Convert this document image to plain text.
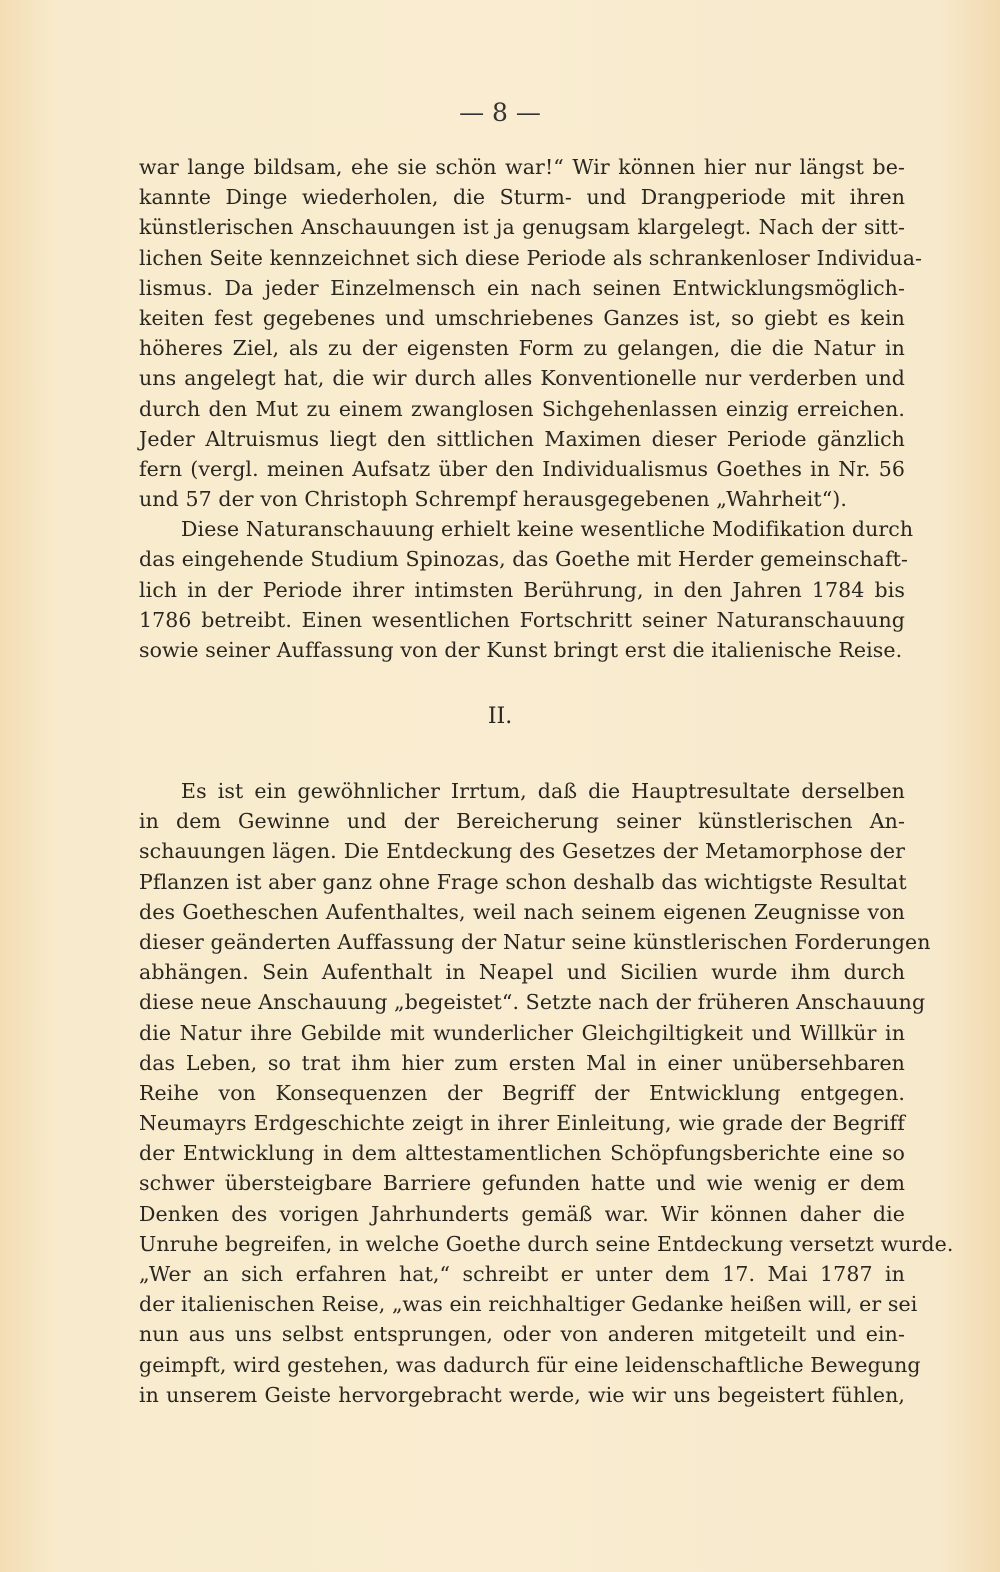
— 8 —
war lange bildsam, ehe sie schön war!“ Wir können hier nur längst be-
kannte Dinge wiederholen, die Sturm- und Drangperiode mit ihren
künstlerischen Anschauungen ist ja genugsam klargelegt. Nach der sitt-
lichen Seite kennzeichnet sich diese Periode als schrankenloser Individua-
lismus. Da jeder Einzelmensch ein nach seinen Entwicklungsmöglich-
keiten fest gegebenes und umschriebenes Ganzes ist, so giebt es kein
höheres Ziel, als zu der eigensten Form zu gelangen, die die Natur in
uns angelegt hat, die wir durch alles Konventionelle nur verderben und
durch den Mut zu einem zwanglosen Sichgehenlassen einzig erreichen.
Jeder Altruismus liegt den sittlichen Maximen dieser Periode gänzlich
fern (vergl. meinen Aufsatz über den Individualismus Goethes in Nr. 56
und 57 der von Christoph Schrempf herausgegebenen „Wahrheit“).
Diese Naturanschauung erhielt keine wesentliche Modifikation durch
das eingehende Studium Spinozas, das Goethe mit Herder gemeinschaft-
lich in der Periode ihrer intimsten Berührung, in den Jahren 1784 bis
1786 betreibt. Einen wesentlichen Fortschritt seiner Naturanschauung
sowie seiner Auffassung von der Kunst bringt erst die italienische Reise.
II.
Es ist ein gewöhnlicher Irrtum, daß die Hauptresultate derselben
in dem Gewinne und der Bereicherung seiner künstlerischen An-
schauungen lägen. Die Entdeckung des Gesetzes der Metamorphose der
Pflanzen ist aber ganz ohne Frage schon deshalb das wichtigste Resultat
des Goetheschen Aufenthaltes, weil nach seinem eigenen Zeugnisse von
dieser geänderten Auffassung der Natur seine künstlerischen Forderungen
abhängen. Sein Aufenthalt in Neapel und Sicilien wurde ihm durch
diese neue Anschauung „begeistet“. Setzte nach der früheren Anschauung
die Natur ihre Gebilde mit wunderlicher Gleichgiltigkeit und Willkür in
das Leben, so trat ihm hier zum ersten Mal in einer unübersehbaren
Reihe von Konsequenzen der Begriff der Entwicklung entgegen.
Neumayrs Erdgeschichte zeigt in ihrer Einleitung, wie grade der Begriff
der Entwicklung in dem alttestamentlichen Schöpfungsberichte eine so
schwer übersteigbare Barriere gefunden hatte und wie wenig er dem
Denken des vorigen Jahrhunderts gemäß war. Wir können daher die
Unruhe begreifen, in welche Goethe durch seine Entdeckung versetzt wurde.
„Wer an sich erfahren hat,“ schreibt er unter dem 17. Mai 1787 in
der italienischen Reise, „was ein reichhaltiger Gedanke heißen will, er sei
nun aus uns selbst entsprungen, oder von anderen mitgeteilt und ein-
geimpft, wird gestehen, was dadurch für eine leidenschaftliche Bewegung
in unserem Geiste hervorgebracht werde, wie wir uns begeistert fühlen,
